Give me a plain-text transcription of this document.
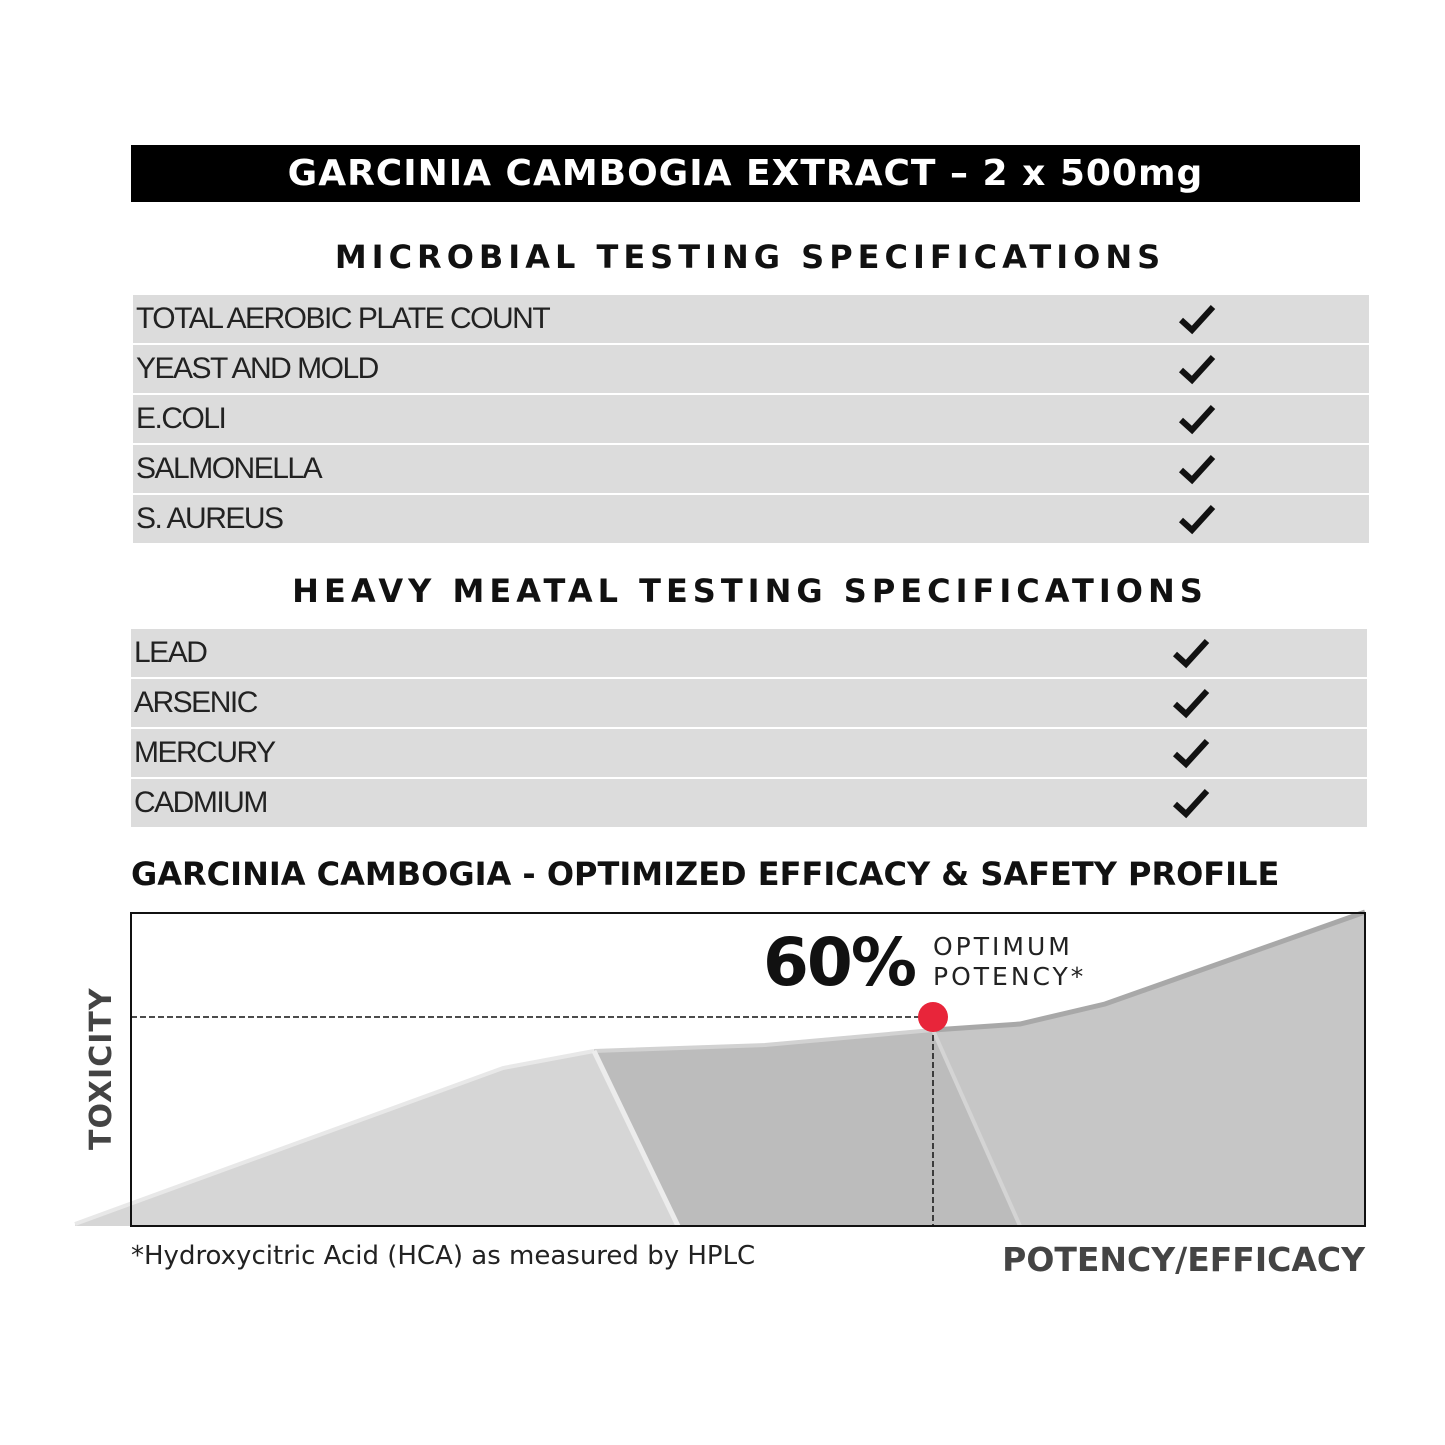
GARCINIA CAMBOGIA EXTRACT – 2 x 500mg
MICROBIAL TESTING SPECIFICATIONS
TOTAL AEROBIC PLATE COUNT
YEAST AND MOLD
E.COLI
SALMONELLA
S. AUREUS
HEAVY MEATAL TESTING SPECIFICATIONS
LEAD
ARSENIC
MERCURY
CADMIUM
GARCINIA CAMBOGIA - OPTIMIZED EFFICACY & SAFETY PROFILE
60% OPTIMUM
POTENCY*
TOXICITY
POTENCY/EFFICACY
*Hydroxycitric Acid (HCA) as measured by HPLC
